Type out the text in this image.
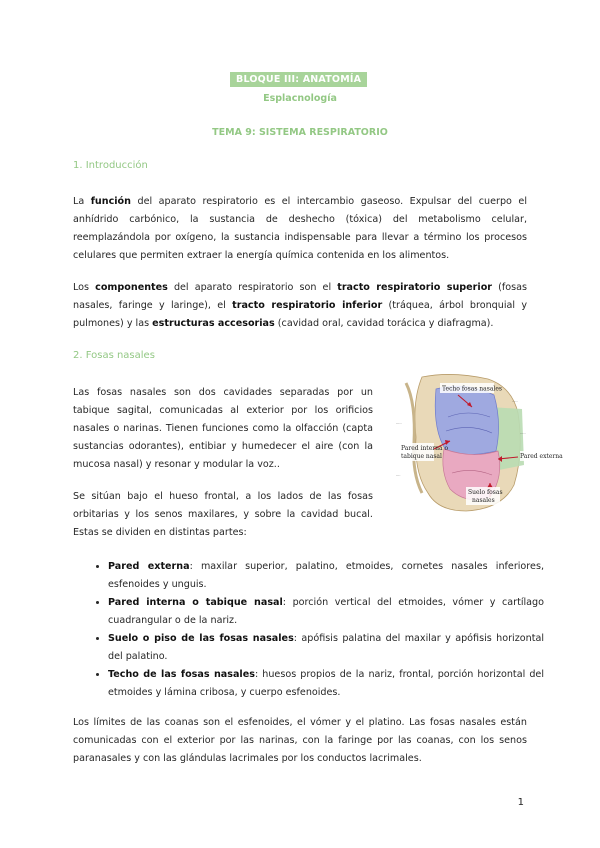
BLOQUE III: ANATOMÍA
Esplacnología
TEMA 9: SISTEMA RESPIRATORIO
1. Introducción
La función del aparato respiratorio es el intercambio gaseoso. Expulsar del cuerpo el anhídrido carbónico, la sustancia de deshecho (tóxica) del metabolismo celular, reemplazándola por oxígeno, la sustancia indispensable para llevar a término los procesos celulares que permiten extraer la energía química contenida en los alimentos.
Los componentes del aparato respiratorio son el tracto respiratorio superior (fosas nasales, faringe y laringe), el tracto respiratorio inferior (tráquea, árbol bronquial y pulmones) y las estructuras accesorias (cavidad oral, cavidad torácica y diafragma).
2. Fosas nasales
Las fosas nasales son dos cavidades separadas por un tabique sagital, comunicadas al exterior por los orificios nasales o narinas. Tienen funciones como la olfacción (capta sustancias odorantes), entibiar y humedecer el aire (con la mucosa nasal) y resonar y modular la voz..
Se sitúan bajo el hueso frontal, a los lados de las fosas orbitarias y los senos maxilares, y sobre la cavidad bucal. Estas se dividen en distintas partes:
·····
····
·····
·····
Techo fosas nasales
Pared interna o
tabique nasal	Pared externa
Suelo fosas
nasales
• Pared externa: maxilar superior, palatino, etmoides, cornetes nasales inferiores, esfenoides y unguis.
• Pared interna o tabique nasal: porción vertical del etmoides, vómer y cartílago cuadrangular o de la nariz.
• Suelo o piso de las fosas nasales: apófisis palatina del maxilar y apófisis horizontal del palatino.
• Techo de las fosas nasales: huesos propios de la nariz, frontal, porción horizontal del etmoides y lámina cribosa, y cuerpo esfenoides.
Los límites de las coanas son el esfenoides, el vómer y el platino. Las fosas nasales están comunicadas con el exterior por las narinas, con la faringe por las coanas, con los senos paranasales y con las glándulas lacrimales por los conductos lacrimales.
1
